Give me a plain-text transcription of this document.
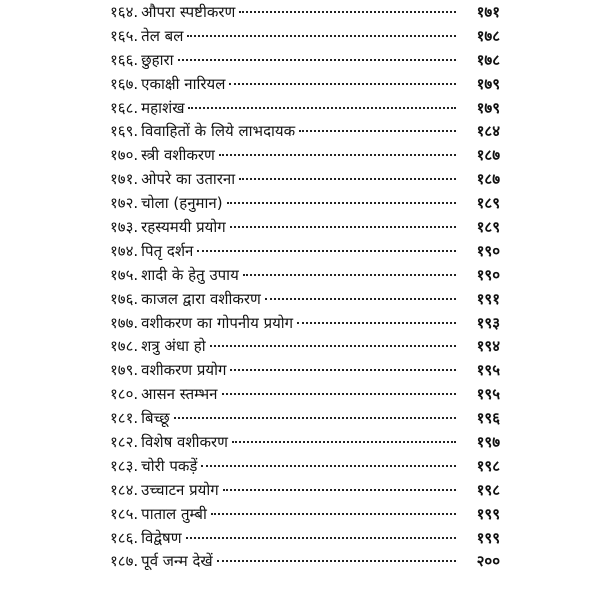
१६४. औपरा स्पष्टीकरण	१७१
१६५. तेल बल	१७८
१६६. छुहारा	१७८
१६७. एकाक्षी नारियल	१७९
१६८. महाशंख	१७९
१६९. विवाहितों के लिये लाभदायक	१८४
१७०. स्त्री वशीकरण	१८७
१७१. ओपरे का उतारना	१८७
१७२. चोला (हनुमान)	१८९
१७३. रहस्यमयी प्रयोग	१८९
१७४. पितृ दर्शन	१९०
१७५. शादी के हेतु उपाय	१९०
१७६. काजल द्वारा वशीकरण	१९१
१७७. वशीकरण का गोपनीय प्रयोग	१९३
१७८. शत्रु अंधा हो	१९४
१७९. वशीकरण प्रयोग	१९५
१८०. आसन स्तम्भन	१९५
१८१. बिच्छू	१९६
१८२. विशेष वशीकरण	१९७
१८३. चोरी पकड़ें	१९८
१८४. उच्चाटन प्रयोग	१९८
१८५. पाताल तुम्बी	१९९
१८६. विद्वेषण	१९९
१८७. पूर्व जन्म देखें	२००
